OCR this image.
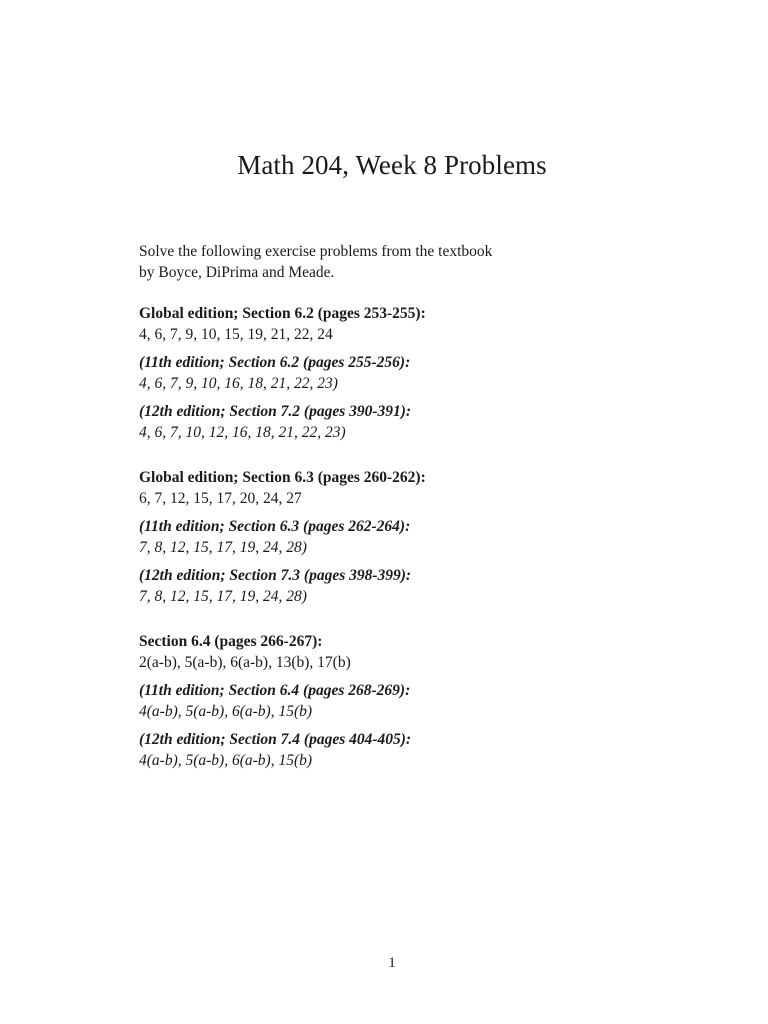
Math 204, Week 8 Problems

Solve the following exercise problems from the textbook

by Boyce, DiPrima and Meade.

Global edition; Section 6.2 (pages 253-255):
4, 6, 7, 9, 10, 15, 19, 21, 22, 24
(11th edition; Section 6.2 (pages 255-256):
4, 6, 7, 9, 10, 16, 18, 21, 22, 23)
(12th edition; Section 7.2 (pages 390-391):
4, 6, 7, 10, 12, 16, 18, 21, 22, 23)
Global edition; Section 6.3 (pages 260-262):
6, 7, 12, 15, 17, 20, 24, 27
(11th edition; Section 6.3 (pages 262-264):
7, 8, 12, 15, 17, 19, 24, 28)
(12th edition; Section 7.3 (pages 398-399):
7, 8, 12, 15, 17, 19, 24, 28)
Section 6.4 (pages 266-267):
2(a-b), 5(a-b), 6(a-b), 13(b), 17(b)
(11th edition; Section 6.4 (pages 268-269):
4(a-b), 5(a-b), 6(a-b), 15(b)
(12th edition; Section 7.4 (pages 404-405):
4(a-b), 5(a-b), 6(a-b), 15(b)
1
